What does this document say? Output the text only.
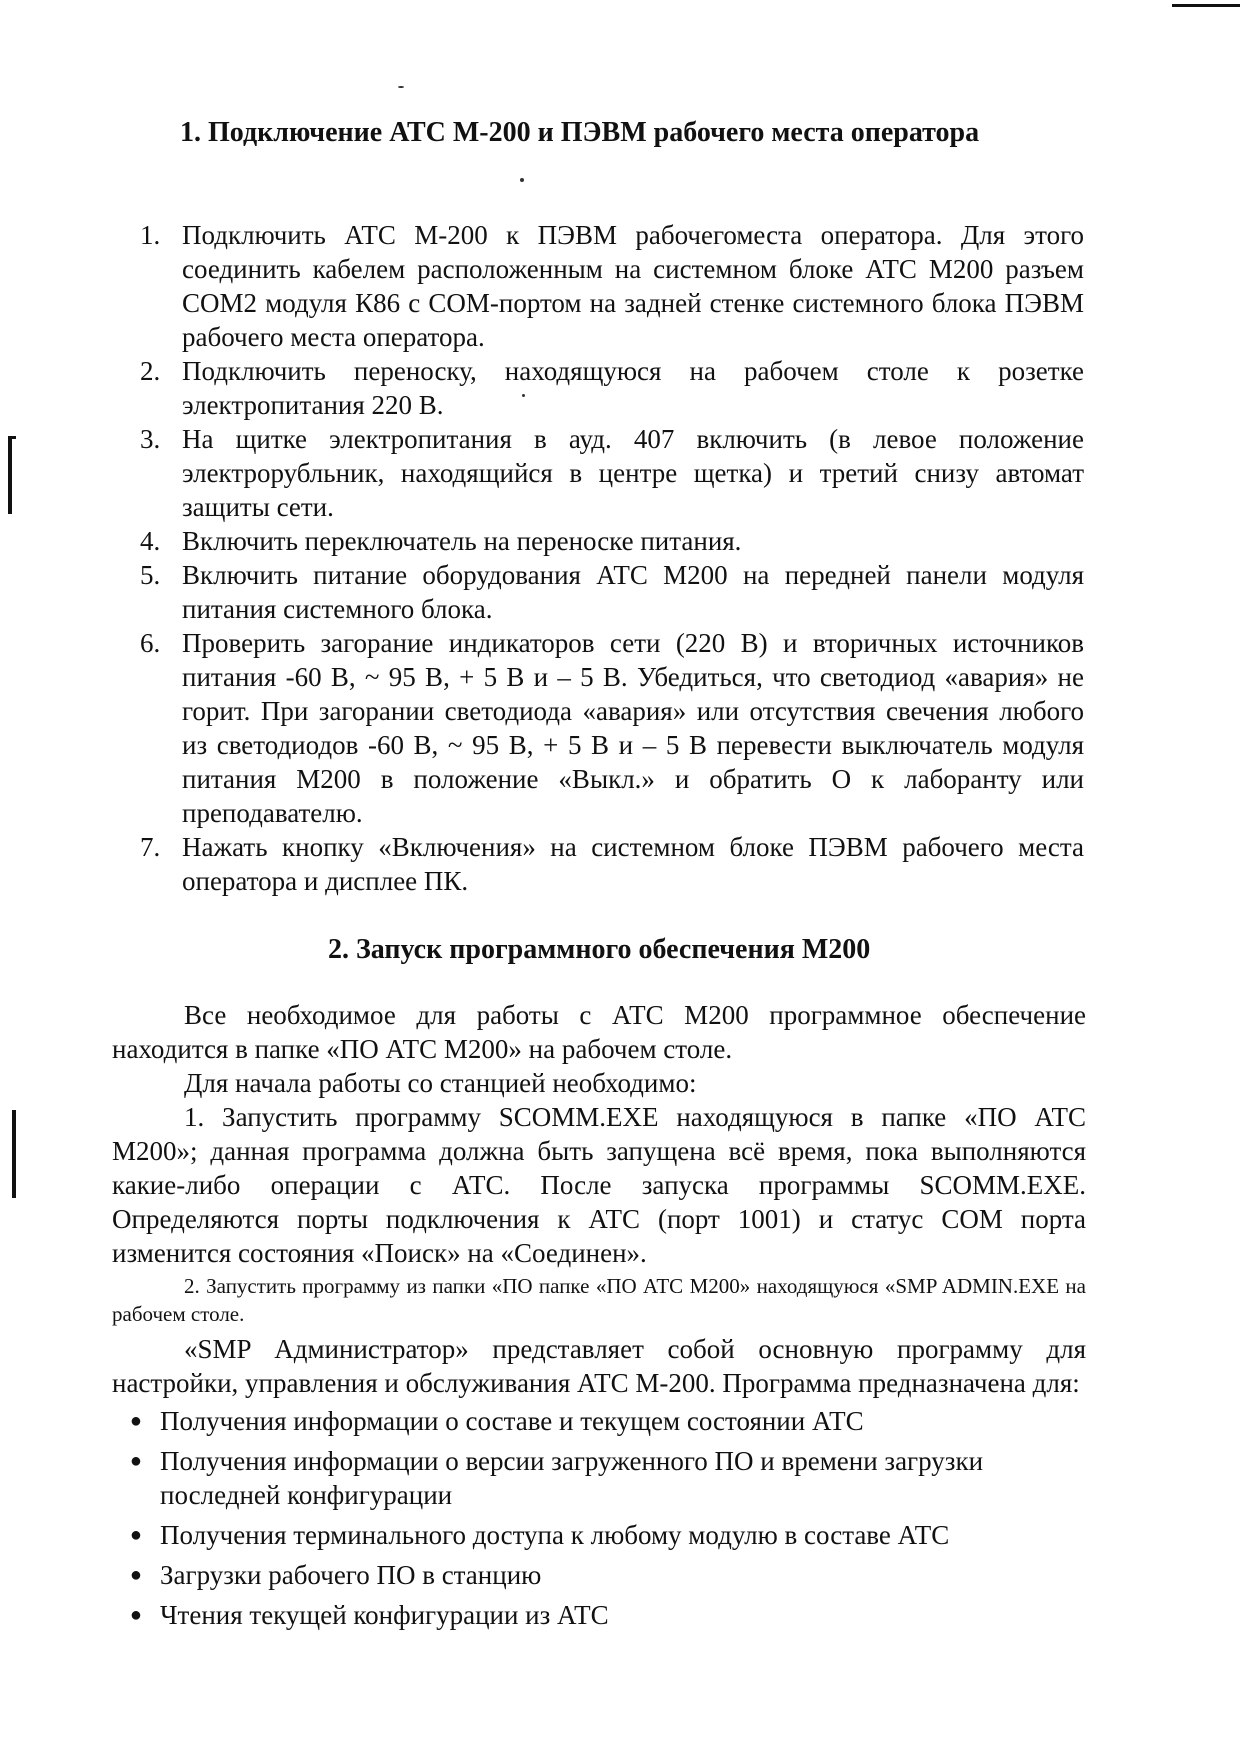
1. Подключение АТС М-200 и ПЭВМ рабочего места оператора
1. Подключить АТС М-200 к ПЭВМ рабочегоместа оператора. Для этого соединить кабелем расположенным на системном блоке АТС М200 разъем СОМ2 модуля К86 с СОМ-портом на задней стенке системного блока ПЭВМ рабочего места оператора.
2. Подключить переноску, находящуюся на рабочем столе к розетке электропитания 220 В.
3. На щитке электропитания в ауд. 407 включить (в левое положение электрорубльник, находящийся в центре щетка) и третий снизу автомат защиты сети.
4. Включить переключатель на переноске питания.
5. Включить питание оборудования АТС М200 на передней панели модуля питания системного блока.
6. Проверить загорание индикаторов сети (220 В) и вторичных источников питания -60 В, ~ 95 В, + 5 В и – 5 В. Убедиться, что светодиод «авария» не горит. При загорании светодиода «авария» или отсутствия свечения любого из светодиодов -60 В, ~ 95 В, + 5 В и – 5 В перевести выключатель модуля питания М200 в положение «Выкл.» и обратить О к лаборанту или преподавателю.
7. Нажать кнопку «Включения» на системном блоке ПЭВМ рабочего места оператора и дисплее ПК.
2. Запуск программного обеспечения М200

Все необходимое для работы с АТС М200 программное обеспечение находится в папке «ПО АТС М200» на рабочем столе.

Для начала работы со станцией необходимо:

1. Запустить программу SCOMM.EXE находящуюся в папке «ПО АТС М200»; данная программа должна быть запущена всё время, пока выполняются какие-либо операции с АТС. После запуска программы SCOMM.EXE. Определяются порты подключения к АТС (порт 1001) и статус СОМ порта изменится состояния «Поиск» на «Соединен».

2. Запустить программу из папки «ПО папке «ПО АТС М200» находящуюся «SMP ADMIN.EXE на рабочем столе.

«SMP Администратор» представляет собой основную программу для настройки, управления и обслуживания АТС М-200. Программа предназначена для:

● Получения информации о составе и текущем состоянии АТС
● Получения информации о версии загруженного ПО и времени загрузки последней конфигурации
● Получения терминального доступа к любому модулю в составе АТС
● Загрузки рабочего ПО в станцию
● Чтения текущей конфигурации из АТС
